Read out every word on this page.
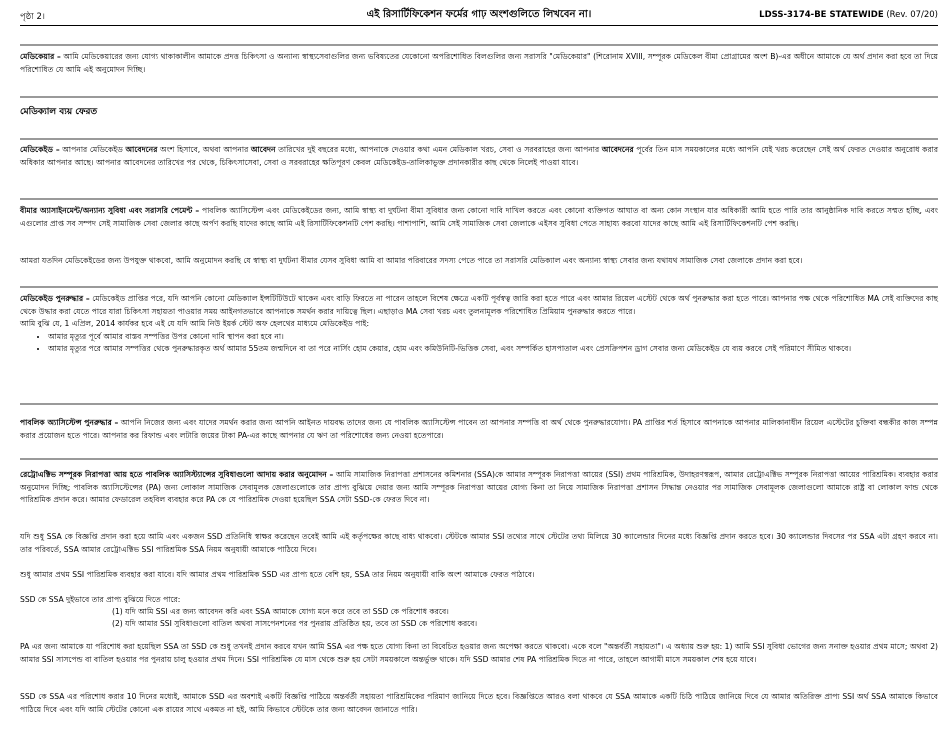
পৃষ্ঠা 2।	এই রিসার্টিফিকেশন ফর্মের গাঢ় অংশগুলিতে লিখবেন না।	LDSS-3174-BE STATEWIDE (Rev. 07/20)
মেডিকেয়ার – আমি মেডিকেয়ারের জন্য যোগ্য থাকাকালীন আমাকে প্রদত্ত চিকিৎসা ও অন্যান্য স্বাস্থ্যসেবাগুলির জন্য ভবিষ্যতের যেকোনো অপরিশোধিত বিলগুলির জন্য সরাসরি "মেডিকেয়ার" (শিরোনাম XVIII, সম্পূরক মেডিকেল বীমা প্রোগ্রামের অংশ B)-এর অধীনে আমাকে যে অর্থ প্রদান করা হবে তা দিয়ে পরিশোধিত যে আমি এই অনুমোদন দিচ্ছি।
মেডিক্যাল ব্যয় ফেরত
মেডিকেইড – আপনার মেডিকেইড আবেদনের অংশ হিসাবে, অথবা আপনার আবেদন তারিখের দুই বছরের মধ্যে, আপনাকে দেওয়ার কথা এমন মেডিকাল খরচ, সেবা ও সরবরাহের জন্য আপনার আবেদনের পূর্বের তিন মাস সময়কালের মধ্যে আপনি যেই খরচ করেছেন সেই অর্থ ফেরত দেওয়ার অনুরোধ করার অধিকার আপনার আছে। আপনার আবেদনের তারিখের পর থেকে, চিকিৎসাসেবা, সেবা ও সরবরাহের ক্ষতিপূরণ কেবল মেডিকেইড-তালিকাভুক্ত প্রদানকারীর কাছ থেকে নিলেই পাওয়া যাবে।
বীমার অ্যাসাইনমেন্ট/অন্যান্য সুবিধা এবং সরাসরি পেমেন্ট – পাবলিক অ্যাসিস্টেন্স এবং মেডিকেইডের জন্য, আমি স্বাস্থ্য বা দুর্ঘটনা বীমা সুবিধার জন্য কোনো দাবি দাখিল করতে এবং কোনো ব্যক্তিগত আঘাত বা অন্য কোন সংস্থান যার অধিকারী আমি হতে পারি তার আনুষ্ঠানিক দাবি করতে সম্মত হচ্ছি, এবং এগুলোর প্রাপ্ত সব সম্পদ সেই সামাজিক সেবা জেলার কাছে অর্পণ করছি যাদের কাছে আমি এই রিসার্টিফিকেশনটি পেশ করছি। পাশাপাশি, আমি সেই সামাজিক সেবা জেলাকে এইসব সুবিধা পেতে সাহায্য করবো যাদের কাছে আমি এই রিসার্টিফিকেশনটি পেশ করছি।
আমরা যতদিন মেডিকেইডের জন্য উপযুক্ত থাকবো, আমি অনুমোদন করছি যে স্বাস্থ্য বা দুর্ঘটনা বীমার যেসব সুবিধা আমি বা আমার পরিবারের সদস্য পেতে পারে তা সরাসরি মেডিক্যাল এবং অন্যান্য স্বাস্থ্য সেবার জন্য যথাযথ সামাজিক সেবা জেলাকে প্রদান করা হবে।
মেডিকেইড পুনরুদ্ধার – মেডিকেইড প্রাপ্তির পরে, যদি আপনি কোনো মেডিক্যাল ইন্সটিটিউটে থাকেন এবং বাড়ি ফিরতে না পারেন তাহলে বিশেষ ক্ষেত্রে একটি পূর্বস্বত্ব জারি করা হতে পারে এবং আমার রিয়েল এস্টেট থেকে অর্থ পুনরুদ্ধার করা হতে পারে। আপনার পক্ষ থেকে পরিশোধিত MA সেই ব্যক্তিদের কাছ থেকে উদ্ধার করা যেতে পারে যারা চিকিৎসা সহায়তা পাওয়ার সময় আইনগতভাবে আপনাকে সমর্থন করার দায়িত্বে ছিল। এছাড়াও MA সেবা খরচ এবং তুলনামূলক পরিশোধিত প্রিমিয়াম পুনরুদ্ধার করতে পারে।
আমি বুঝি যে, 1 এপ্রিল, 2014 কার্যকর হবে এই যে যদি আমি নিউ ইয়র্ক স্টেট অফ হেলথের মাধ্যমে মেডিকেইড পাই:
• আমার মৃত্যুর পূর্বে আমার বাস্তব সম্পত্তির উপর কোনো দাবি স্থাপন করা হবে না।
• আমার মৃত্যুর পরে আমার সম্পত্তির থেকে পুনরুদ্ধারকৃত অর্থ আমার 55তম জন্মদিনে বা তা পরে নার্সিং হোম কেয়ার, হোম এবং কমিউনিটি-ভিত্তিক সেবা, এবং সম্পর্কিত হাসপাতাল এবং প্রেসক্রিপশন ড্রাগ সেবার জন্য মেডিকেইড যে ব্যয় করবে সেই পরিমাণে সীমিত থাকবে।
পাবলিক অ্যাসিস্টেন্স পুনরুদ্ধার – আপনি নিজের জন্য এবং যাদের সমর্থন করার জন্য আপনি আইনত দায়বদ্ধ তাদের জন্য যে পাবলিক অ্যাসিস্টেন্স পাবেন তা আপনার সম্পত্তি বা অর্থ থেকে পুনরুদ্ধারযোগ্য। PA প্রাপ্তির শর্ত হিসাবে আপনাকে আপনার মালিকানাধীন রিয়েল এস্টেটের চুক্তিবা বন্ধকীর কাজ সম্পন্ন করার প্রয়োজন হতে পারে। আপনার কর রিফান্ড এবং লটারি জয়ের টাকা PA-এর কাছে আপনার যে ঋণ তা পরিশোধের জন্য নেওয়া হতেপারে।
রেট্রোএক্টিভ সম্পূরক নিরাপত্তা আয় হতে পাবলিক অ্যাসিস্ট্যান্সের সুবিধাগুলো আদায় করার অনুমোদন – আমি সামাজিক নিরাপত্তা প্রশাসনের কমিশনার (SSA)কে আমার সম্পূরক নিরাপত্তা আয়ের (SSI) প্রথম পারিশ্রমিক, উদাহরণস্বরূপ, আমার রেট্রোএক্টিভ সম্পূরক নিরাপত্তা আয়ের পারিশ্রমিক। ব্যবহার করার অনুমোদন দিচ্ছি; পাবলিক অ্যাসিস্টেন্সের (PA) জন্য লোকাল সামাজিক সেবামূলক জেলাগুলোকে তার প্রাপ্য বুঝিয়ে দেয়ার জন্য আমি সম্পূরক নিরাপত্তা আয়ের যোগ্য কিনা তা নিয়ে সামাজিক নিরাপত্তা প্রশাসন সিদ্ধান্ত নেওয়ার পর সামাজিক সেবামূলক জেলাগুলো আমাকে রাষ্ট্র বা লোকাল ফান্ড থেকে পারিশ্রমিক প্রদান করে। আমার ফেডারেল তহবিল ব্যবহার করে PA কে যে পারিশ্রমিক দেওয়া হয়েছিল SSA সেটা SSD-কে ফেরত দিবে না।
যদি শুধু SSA কে বিজ্ঞপ্তি প্রদান করা হয়ে আমি এবং একজন SSD প্রতিনিধি স্বাক্ষর করেছেন তবেই আমি এই কর্তৃপক্ষের কাছে বাধ্য থাকবো। স্টেটকে আমার SSI তথ্যের সাথে স্টেটের তথ্য মিলিয়ে 30 ক্যালেন্ডার দিনের মধ্যে বিজ্ঞপ্তি প্রদান করতে হবে। 30 ক্যালেন্ডার দিবসের পর SSA এটা গ্রহণ করবে না। তার পরিবর্তে, SSA আমার রেট্রোএক্টিভ SSI পারিশ্রমিক SSA নিয়ম অনুযায়ী আমাকে পাঠিয়ে দিবে।
শুধু আমার প্রথম SSI পারিশ্রমিক ব্যবহার করা যাবে। যদি আমার প্রথম পারিশ্রমিক SSD এর প্রাপ্য হতে বেশি হয়, SSA তার নিয়ম অনুযায়ী বাকি অংশ আমাকে ফেরত পাঠাবে।
SSD কে SSA দুইভাবে তার প্রাপ্য বুঝিয়ে দিতে পারে:
(1) যদি আমি SSI এর জন্য আবেদন করি এবং SSA আমাকে যোগ্য মনে করে তবে তা SSD কে পরিশোধ করবে।
(2) যদি আমার SSI সুবিধাগুলো বাতিল অথবা সাসপেনশনের পর পুনরায় প্রতিষ্ঠিত হয়, তবে তা SSD কে পরিশোধ করবে।
PA এর জন্য আমাকে যা পরিশোধ করা হয়েছিল SSA তা SSD কে শুধু তখনই প্রদান করবে যখন আমি SSA এর পক্ষ হতে যোগ্য কিনা তা বিবেচিত হওয়ার জন্য অপেক্ষা করতে থাকবো। একে বলে "অন্তর্বর্তী সহায়তা"। এ অধ্যায় শুরু হয়: 1) আমি SSI সুবিধা ভোগের জন্য সনাক্ত হওয়ার প্রথম মাসে; অথবা 2) আমার SSI সাসপেন্ড বা বাতিল হওয়ার পর পুনরায় চালু হওয়ার প্রথম দিনে। SSI পারিশ্রমিক যে মাস থেকে শুরু হয় সেটা সময়কালে অন্তর্ভুক্ত থাকে। যদি SSD আমার শেষ PA পারিশ্রমিক দিতে না পারে, তাহলে আগামী মাসে সময়কাল শেষ হয়ে যাবে।
SSD কে SSA এর পরিশোধ করার 10 দিনের মধ্যেই, আমাকে SSD এর অবশ্যই একটি বিজ্ঞপ্তি পাঠিয়ে অন্তর্বর্তী সহায়তা পারিশ্রমিকের পরিমাণ জানিয়ে দিতে হবে। বিজ্ঞপ্তিতে আরও বলা থাকবে যে SSA আমাকে একটি চিঠি পাঠিয়ে জানিয়ে দিবে যে আমার অতিরিক্ত প্রাপ্য SSI অর্থ SSA আমাকে কিভাবে পাঠিয়ে দিবে এবং যদি আমি স্টেটের কোনো এক রায়ের সাথে একমত না হই, আমি কিভাবে স্টেটকে তার জন্য আবেদন জানাতে পারি।
